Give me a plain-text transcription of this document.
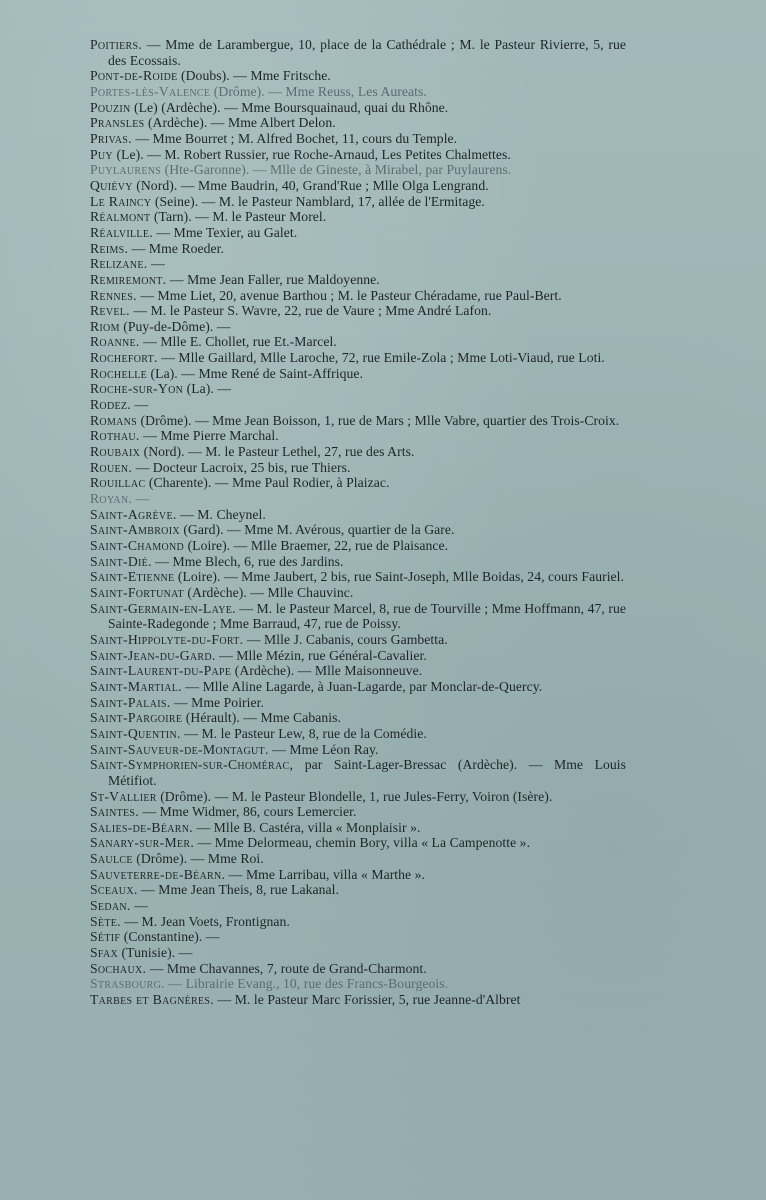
Poitiers. — Mme de Larambergue, 10, place de la Cathédrale ; M. le Pasteur Rivierre, 5, rue des Ecossais.
Pont-de-Roide (Doubs). — Mme Fritsche.
Portes-lès-Valence (Drôme). — Mme Reuss, Les Aureats.
Pouzin (Le) (Ardèche). — Mme Boursquainaud, quai du Rhône.
Pransles (Ardèche). — Mme Albert Delon.
Privas. — Mme Bourret ; M. Alfred Bochet, 11, cours du Temple.
Puy (Le). — M. Robert Russier, rue Roche-Arnaud, Les Petites Chalmettes.
Puylaurens (Hte-Garonne). — Mlle de Gineste, à Mirabel, par Puylaurens.
Quiévy (Nord). — Mme Baudrin, 40, Grand'Rue ; Mlle Olga Lengrand.
Le Raincy (Seine). — M. le Pasteur Namblard, 17, allée de l'Ermitage.
Réalmont (Tarn). — M. le Pasteur Morel.
Réalville. — Mme Texier, au Galet.
Reims. — Mme Roeder.
Relizane. —
Remiremont. — Mme Jean Faller, rue Maldoyenne.
Rennes. — Mme Liet, 20, avenue Barthou ; M. le Pasteur Chéradame, rue Paul-Bert.
Revel. — M. le Pasteur S. Wavre, 22, rue de Vaure ; Mme André Lafon.
Riom (Puy-de-Dôme). —
Roanne. — Mlle E. Chollet, rue Et.-Marcel.
Rochefort. — Mlle Gaillard, Mlle Laroche, 72, rue Emile-Zola ; Mme Loti-Viaud, rue Loti.
Rochelle (La). — Mme René de Saint-Affrique.
Roche-sur-Yon (La). —
Rodez. —
Romans (Drôme). — Mme Jean Boisson, 1, rue de Mars ; Mlle Vabre, quartier des Trois-Croix.
Rothau. — Mme Pierre Marchal.
Roubaix (Nord). — M. le Pasteur Lethel, 27, rue des Arts.
Rouen. — Docteur Lacroix, 25 bis, rue Thiers.
Rouillac (Charente). — Mme Paul Rodier, à Plaizac.
Royan. —
Saint-Agrève. — M. Cheynel.
Saint-Ambroix (Gard). — Mme M. Avérous, quartier de la Gare.
Saint-Chamond (Loire). — Mlle Braemer, 22, rue de Plaisance.
Saint-Dié. — Mme Blech, 6, rue des Jardins.
Saint-Etienne (Loire). — Mme Jaubert, 2 bis, rue Saint-Joseph, Mlle Boidas, 24, cours Fauriel.
Saint-Fortunat (Ardèche). — Mlle Chauvinc.
Saint-Germain-en-Laye. — M. le Pasteur Marcel, 8, rue de Tourville ; Mme Hoffmann, 47, rue Sainte-Radegonde ; Mme Barraud, 47, rue de Poissy.
Saint-Hippolyte-du-Fort. — Mlle J. Cabanis, cours Gambetta.
Saint-Jean-du-Gard. — Mlle Mézin, rue Général-Cavalier.
Saint-Laurent-du-Pape (Ardèche). — Mlle Maisonneuve.
Saint-Martial. — Mlle Aline Lagarde, à Juan-Lagarde, par Monclar-de-Quercy.
Saint-Palais. — Mme Poirier.
Saint-Pargoire (Hérault). — Mme Cabanis.
Saint-Quentin. — M. le Pasteur Lew, 8, rue de la Comédie.
Saint-Sauveur-de-Montagut. — Mme Léon Ray.
Saint-Symphorien-sur-Chomérac, par Saint-Lager-Bressac (Ardèche). — Mme Louis Métifiot.
St-Vallier (Drôme). — M. le Pasteur Blondelle, 1, rue Jules-Ferry, Voiron (Isère).
Saintes. — Mme Widmer, 86, cours Lemercier.
Salies-de-Béarn. — Mlle B. Castéra, villa « Monplaisir ».
Sanary-sur-Mer. — Mme Delormeau, chemin Bory, villa « La Campenotte ».
Saulce (Drôme). — Mme Roi.
Sauveterre-de-Béarn. — Mme Larribau, villa « Marthe ».
Sceaux. — Mme Jean Theis, 8, rue Lakanal.
Sedan. —
Sète. — M. Jean Voets, Frontignan.
Sétif (Constantine). —
Sfax (Tunisie). —
Sochaux. — Mme Chavannes, 7, route de Grand-Charmont.
Strasbourg. — Librairie Evang., 10, rue des Francs-Bourgeois.
Tarbes et Bagnères. — M. le Pasteur Marc Forissier, 5, rue Jeanne-d'Albret
